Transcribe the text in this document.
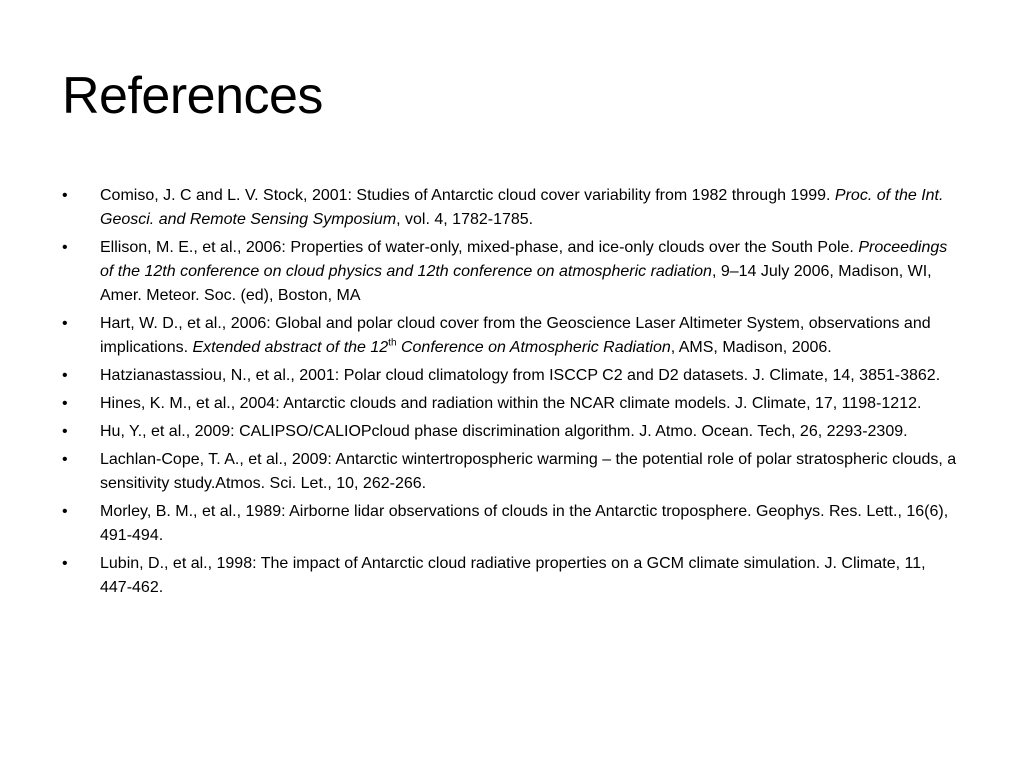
References
•	Comiso, J. C and L. V. Stock, 2001: Studies of Antarctic cloud cover variability from 1982 through 1999. Proc. of the Int. Geosci. and Remote Sensing Symposium, vol. 4, 1782-1785.
•	Ellison, M. E., et al., 2006: Properties of water-only, mixed-phase, and ice-only clouds over the South Pole. Proceedings of the 12th conference on cloud physics and 12th conference on atmospheric radiation, 9–14 July 2006, Madison, WI, Amer. Meteor. Soc. (ed), Boston, MA
•	Hart, W. D., et al., 2006: Global and polar cloud cover from the Geoscience Laser Altimeter System, observations and implications. Extended abstract of the 12th Conference on Atmospheric Radiation, AMS, Madison, 2006.
•	Hatzianastassiou, N., et al., 2001: Polar cloud climatology from ISCCP C2 and D2 datasets. J. Climate, 14, 3851-3862.
•	Hines, K. M., et al., 2004: Antarctic clouds and radiation within the NCAR climate models. J. Climate, 17, 1198-1212.
•	Hu, Y., et al., 2009: CALIPSO/CALIOPcloud phase discrimination algorithm. J. Atmo. Ocean. Tech, 26, 2293-2309.
•	Lachlan-Cope, T. A., et al., 2009: Antarctic wintertropospheric warming – the potential role of polar stratospheric clouds, a sensitivity study.Atmos. Sci. Let., 10, 262-266.
•	Morley, B. M., et al., 1989: Airborne lidar observations of clouds in the Antarctic troposphere. Geophys. Res. Lett., 16(6), 491-494.
•	Lubin, D., et al., 1998: The impact of Antarctic cloud radiative properties on a GCM climate simulation. J. Climate, 11, 447-462.
